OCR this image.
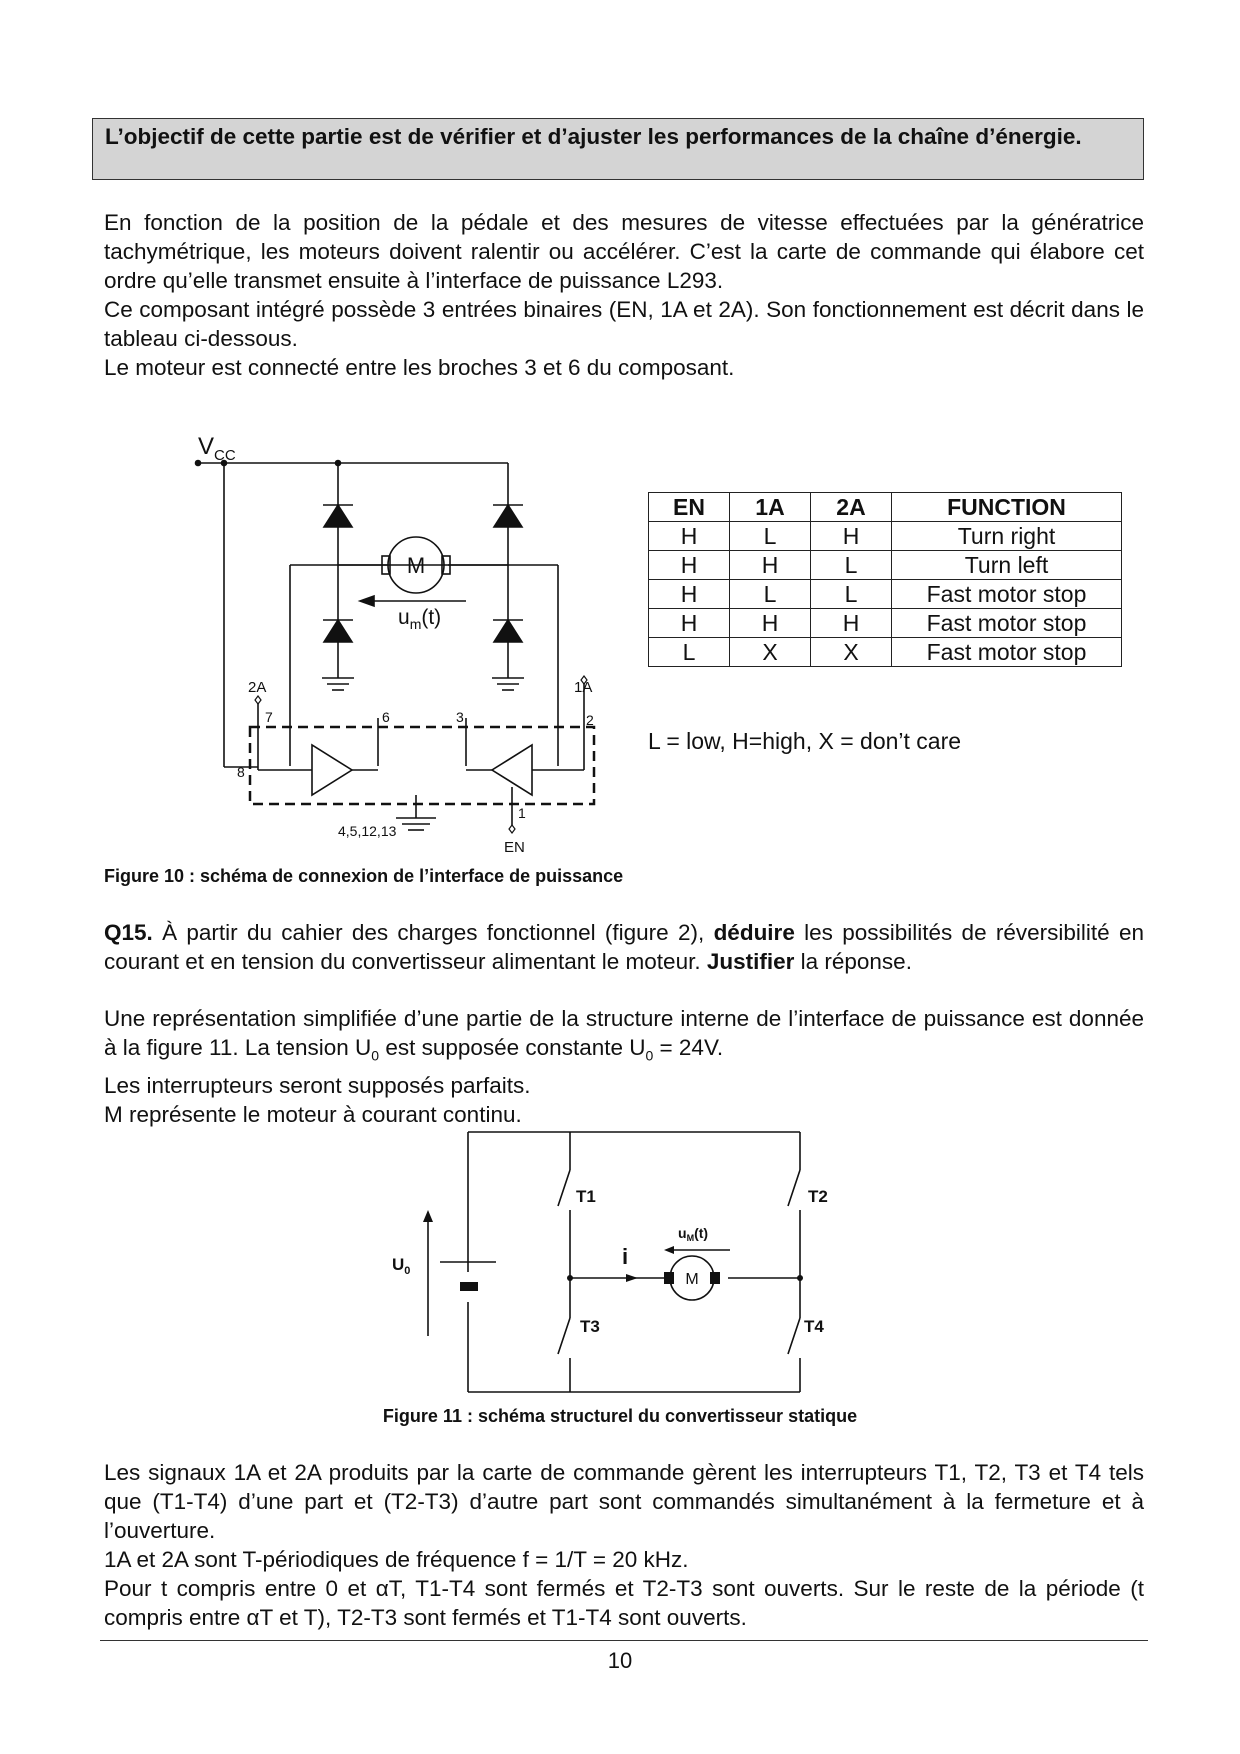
L’objectif de cette partie est de vérifier et d’ajuster les performances de la chaîne d’énergie.

En fonction de la position de la pédale et des mesures de vitesse effectuées par la génératrice tachymétrique, les moteurs doivent ralentir ou accélérer. C’est la carte de commande qui élabore cet ordre qu’elle transmet ensuite à l’interface de puissance L293.

Ce composant intégré possède 3 entrées binaires (EN, 1A et 2A). Son fonctionnement est décrit dans le tableau ci-dessous.

Le moteur est connecté entre les broches 3 et 6 du composant.

$V_{CC}$
M
$u_m(t)$
2A	1A
7	6	3	2
8
1
4,5,12,13
EN
EN	1A	2A	FUNCTION
H	L	H	Turn right
H	H	L	Turn left
H	L	L	Fast motor stop
H	H	H	Fast motor stop
L	X	X	Fast motor stop
L = low, H=high, X = don’t care
Figure 10 : schéma de connexion de l’interface de puissance
Q15. À partir du cahier des charges fonctionnel (figure 2), déduire les possibilités de réversibilité en courant et en tension du convertisseur alimentant le moteur. Justifier la réponse.

Une représentation simplifiée d’une partie de la structure interne de l’interface de puissance est donnée à la figure 11. La tension $U_0$ est supposée constante $U_0 = 24V$.

Les interrupteurs seront supposés parfaits.

M représente le moteur à courant continu.

$U_0$
T1	T2
T3	T4
i
$u_M(t)$
M
Figure 11 : schéma structurel du convertisseur statique

Les signaux 1A et 2A produits par la carte de commande gèrent les interrupteurs T1, T2, T3 et T4 tels que (T1-T4) d’une part et (T2-T3) d’autre part sont commandés simultanément à la fermeture et à l’ouverture.

1A et 2A sont T-périodiques de fréquence f = 1/T = 20 kHz.

Pour t compris entre 0 et αT, T1-T4 sont fermés et T2-T3 sont ouverts. Sur le reste de la période (t compris entre αT et T), T2-T3 sont fermés et T1-T4 sont ouverts.

10
